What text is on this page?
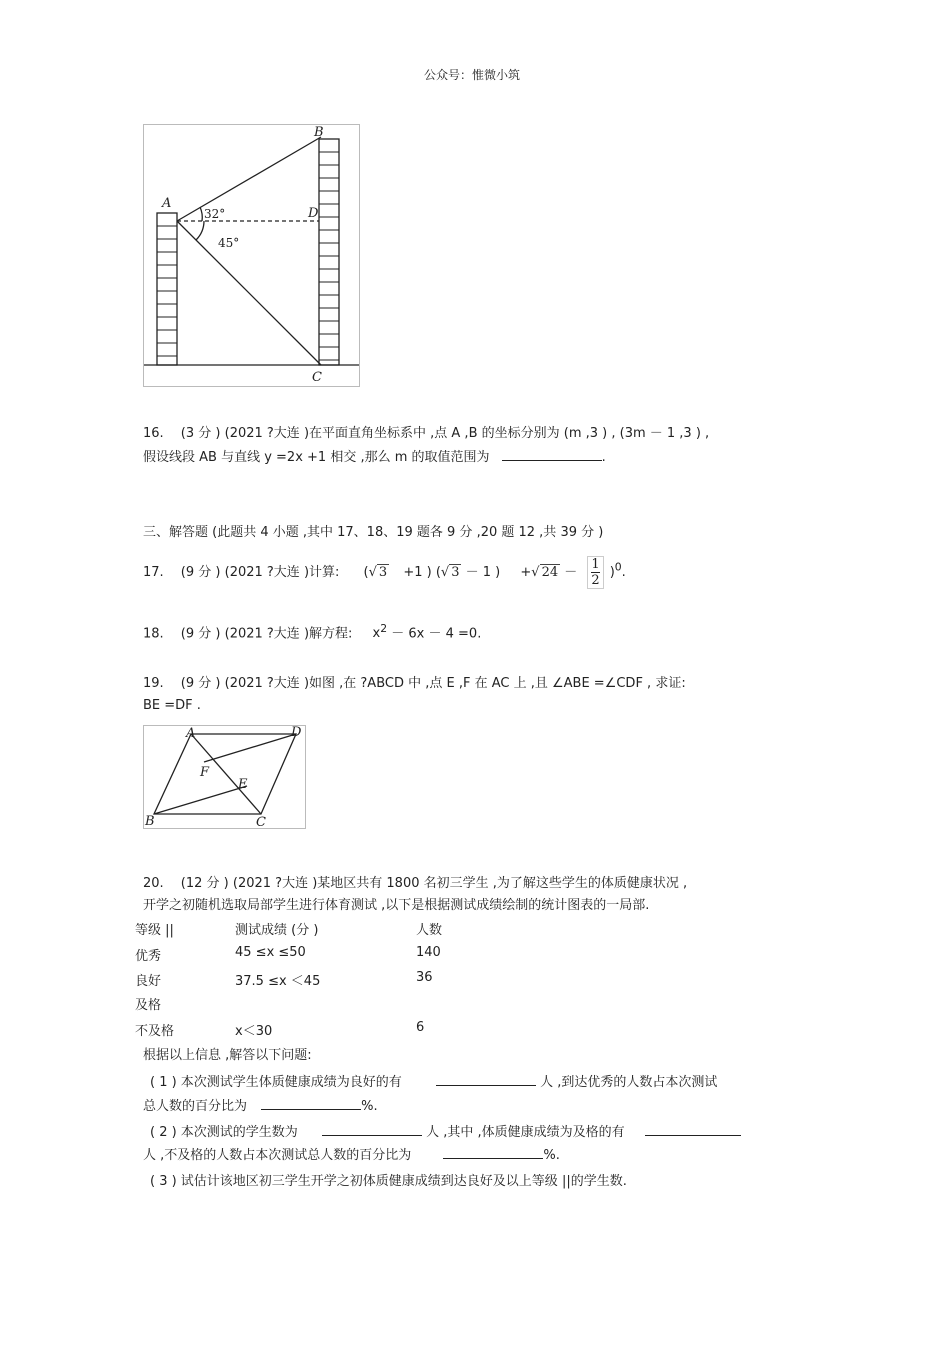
公众号：惟微小筑
A
B
C
D
32°
45°
16.　 (3 分 ) (2021 ?大连 )在平面直角坐标系中 ,点 A ,B 的坐标分别为 (m ,3 ) , (3m － 1 ,3 ) ,
假设线段 AB 与直线 y =2x +1 相交 ,那么 m 的取值范围为	.
三、解答题 (此题共 4 小题 ,其中 17、18、19 题各 9 分 ,20 题 12 ,共 39 分 )
17.　 (9 分 ) (2021 ?大连 )计算: (√ 3 +1 ) (√ 3 － 1 ) +√ $24 - \frac{1}{2} )^0$.
18.　 (9 分 ) (2021 ?大连 )解方程: $x^2 - 6x - 4 =0$.
19.　 (9 分 ) (2021 ?大连 )如图 ,在 ?ABCD 中 ,点 E ,F 在 AC 上 ,且 ∠ABE =∠CDF , 求证:
BE =DF .
A	D
F
E
B	C
20.　 (12 分 ) (2021 ?大连 )某地区共有 1800 名初三学生 ,为了解这些学生的体质健康状况 ,
开学之初随机选取局部学生进行体育测试 ,以下是根据测试成绩绘制的统计图表的一局部.
等级 ||	测试成绩 (分 )	人数
优秀	45 ≤x ≤50	140
良好	37.5 ≤x ＜45	36
及格
不及格	x＜30	6
根据以上信息 ,解答以下问题:
( 1 ) 本次测试学生体质健康成绩为良好的有	人 ,到达优秀的人数占本次测试
总人数的百分比为	%.
( 2 ) 本次测试的学生数为	人 ,其中 ,体质健康成绩为及格的有
人 ,不及格的人数占本次测试总人数的百分比为	%.
( 3 ) 试估计该地区初三学生开学之初体质健康成绩到达良好及以上等级 ||的学生数.
